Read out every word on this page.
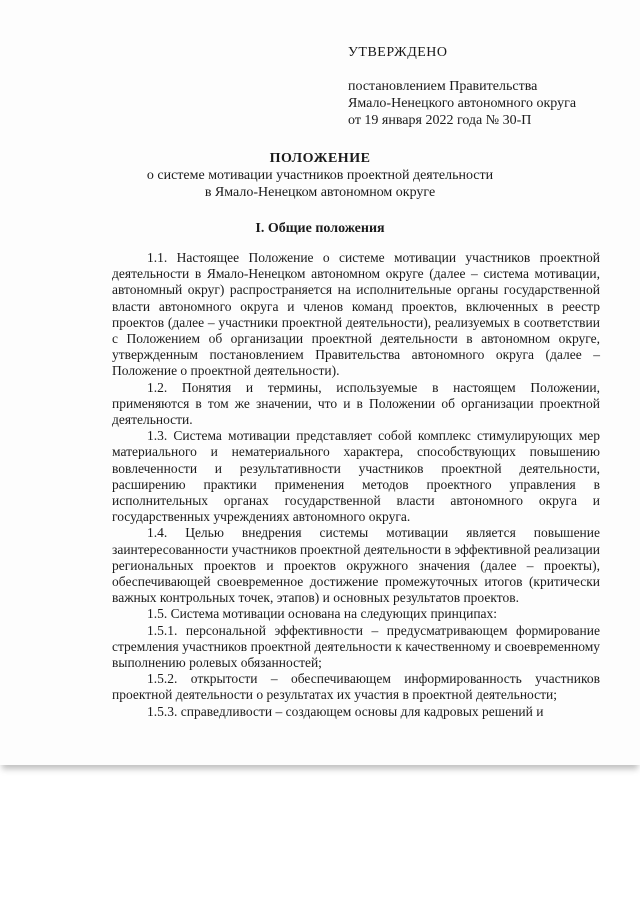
УТВЕРЖДЕНО
постановлением Правительства
Ямало-Ненецкого автономного округа
от 19 января 2022 года № 30-П
ПОЛОЖЕНИЕ
о системе мотивации участников проектной деятельности
в Ямало-Ненецком автономном округе
I. Общие положения

1.1. Настоящее Положение о системе мотивации участников проектной деятельности в Ямало-Ненецком автономном округе (далее – система мотивации, автономный округ) распространяется на исполнительные органы государственной власти автономного округа и членов команд проектов, включенных в реестр проектов (далее – участники проектной деятельности), реализуемых в соответствии с Положением об организации проектной деятельности в автономном округе, утвержденным постановлением Правительства автономного округа (далее – Положение о проектной деятельности).

1.2. Понятия и термины, используемые в настоящем Положении, применяются в том же значении, что и в Положении об организации проектной деятельности.

1.3. Система мотивации представляет собой комплекс стимулирующих мер материального и нематериального характера, способствующих повышению вовлеченности и результативности участников проектной деятельности, расширению практики применения методов проектного управления в исполнительных органах государственной власти автономного округа и государственных учреждениях автономного округа.

1.4. Целью внедрения системы мотивации является повышение заинтересованности участников проектной деятельности в эффективной реализации региональных проектов и проектов окружного значения (далее – проекты), обеспечивающей своевременное достижение промежуточных итогов (критически важных контрольных точек, этапов) и основных результатов проектов.

1.5. Система мотивации основана на следующих принципах:

1.5.1. персональной эффективности – предусматривающем формирование стремления участников проектной деятельности к качественному и своевременному выполнению ролевых обязанностей;

1.5.2. открытости – обеспечивающем информированность участников проектной деятельности о результатах их участия в проектной деятельности;

1.5.3. справедливости – создающем основы для кадровых решений и
